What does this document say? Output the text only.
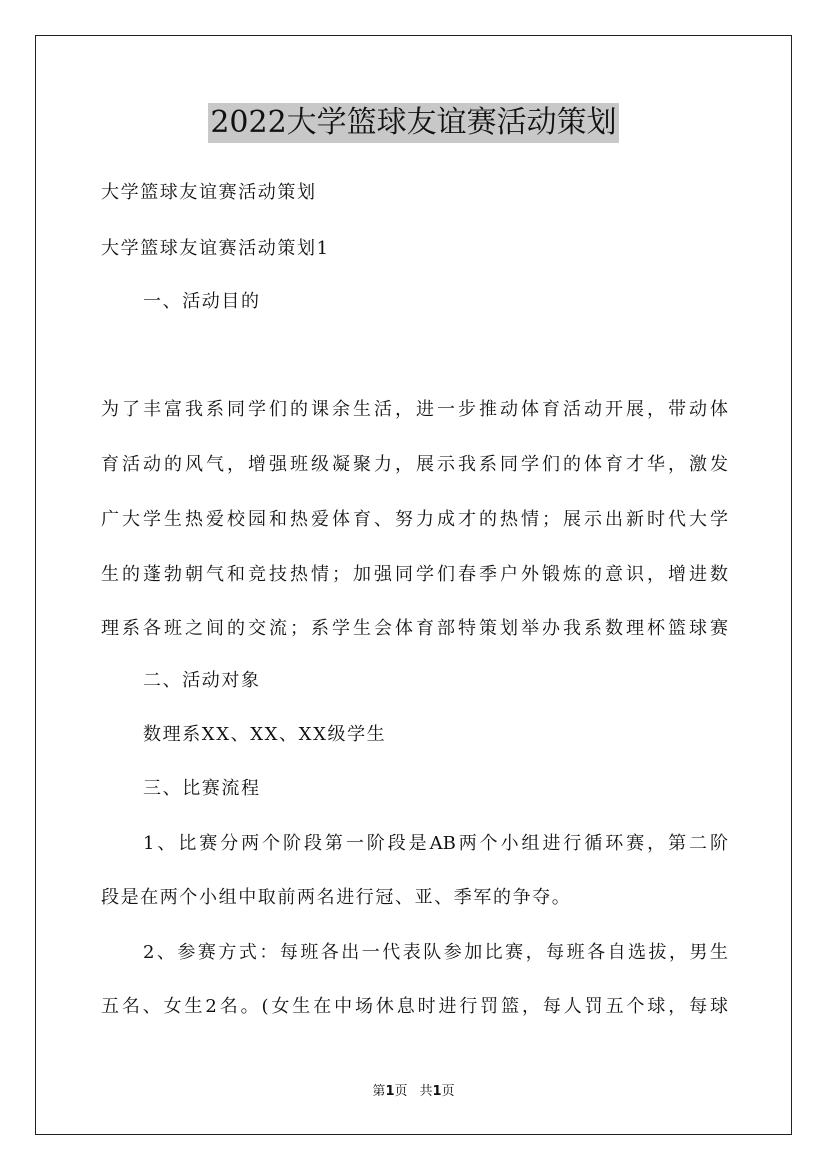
2022大学篮球友谊赛活动策划
大学篮球友谊赛活动策划
大学篮球友谊赛活动策划1
一、活动目的
为了丰富我系同学们的课余生活，进一步推动体育活动开展，带动体
育活动的风气，增强班级凝聚力，展示我系同学们的体育才华，激发
广大学生热爱校园和热爱体育、努力成才的热情；展示出新时代大学
生的蓬勃朝气和竞技热情；加强同学们春季户外锻炼的意识，增进数
理系各班之间的交流；系学生会体育部特策划举办我系数理杯篮球赛
二、活动对象
数理系XX、XX、XX级学生
三、比赛流程
1、比赛分两个阶段第一阶段是AB两个小组进行循环赛，第二阶
段是在两个小组中取前两名进行冠、亚、季军的争夺。
2、参赛方式：每班各出一代表队参加比赛，每班各自选拔，男生
五名、女生2名。(女生在中场休息时进行罚篮，每人罚五个球，每球
第1页 共1页
